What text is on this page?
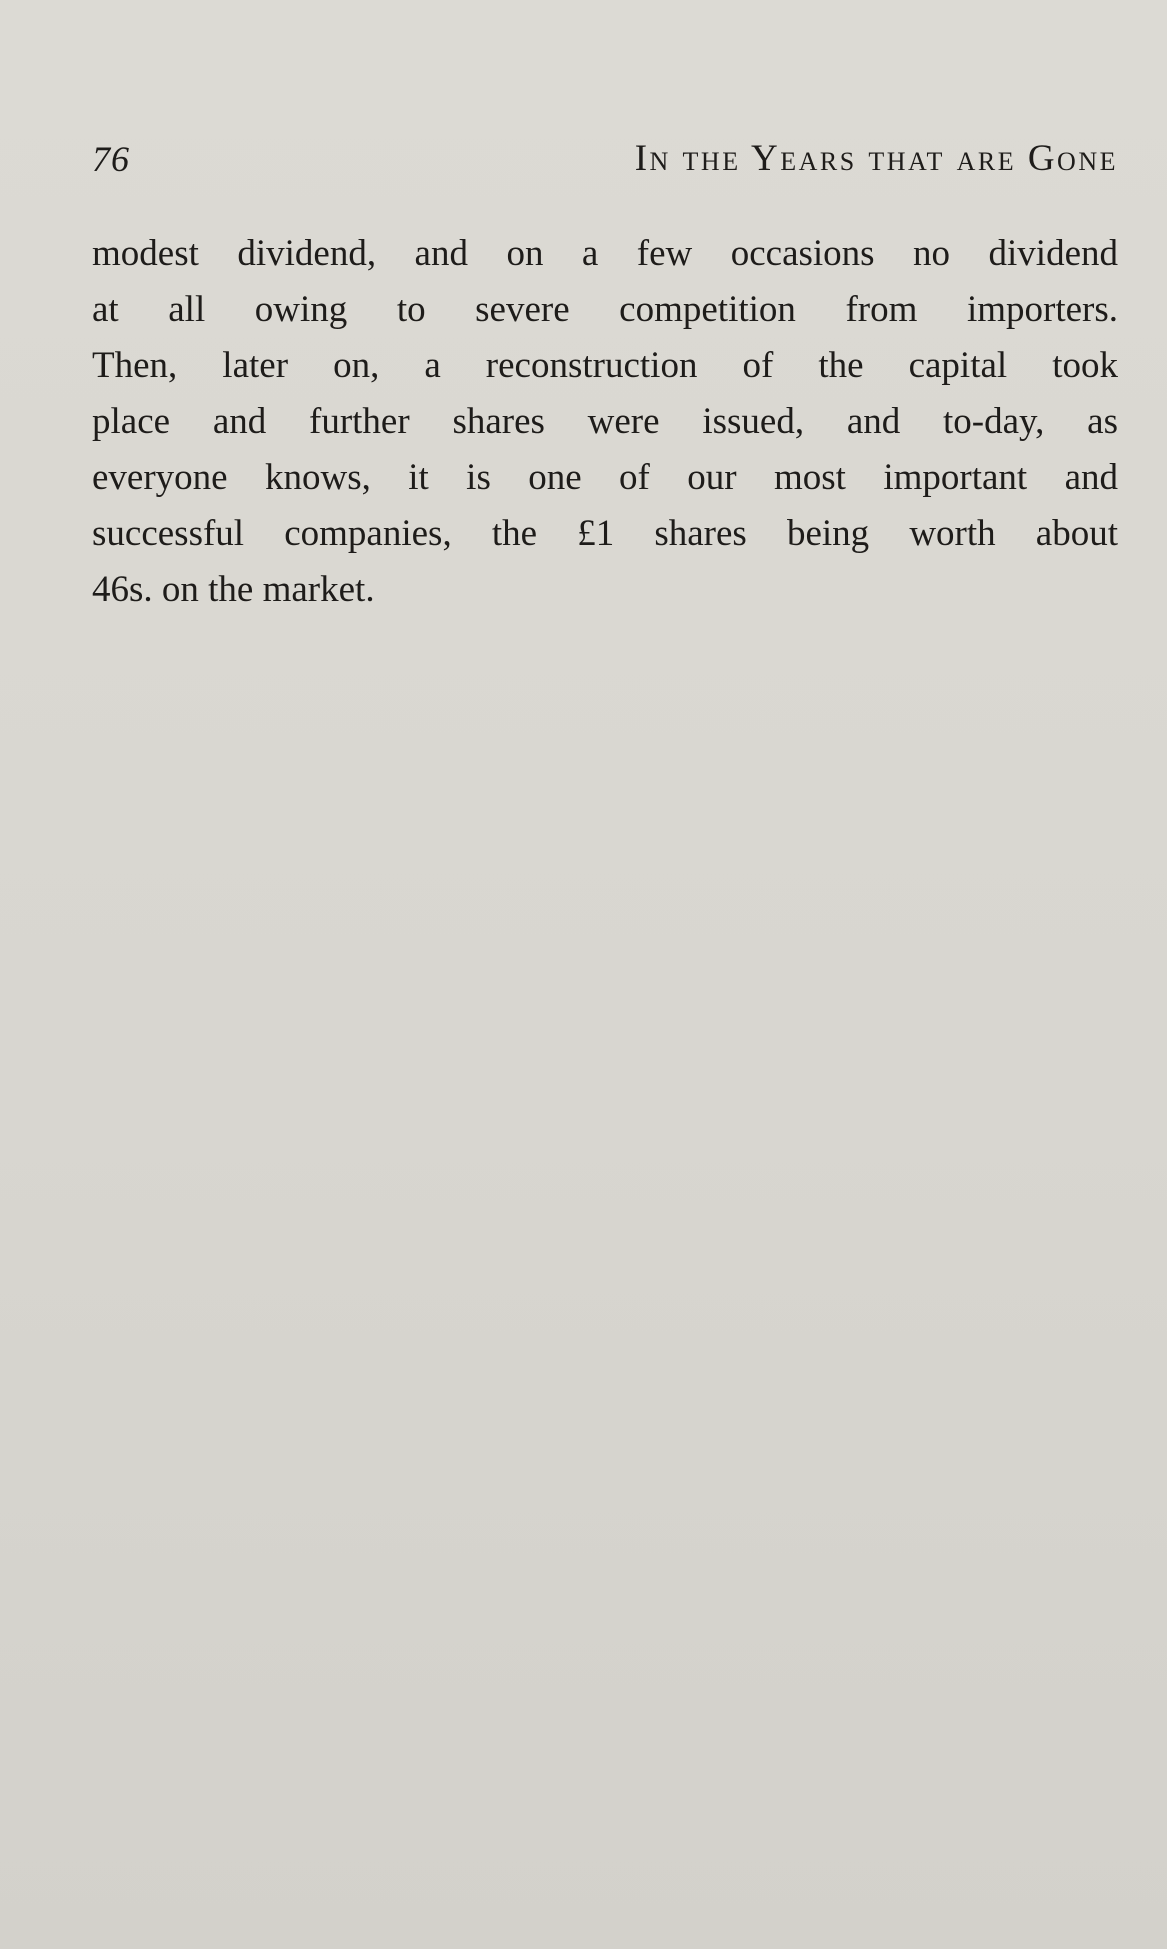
76	In the Years that are Gone
modest dividend, and on a few occasions no dividend
at all owing to severe competition from importers.
Then, later on, a reconstruction of the capital took
place and further shares were issued, and to-day, as
everyone knows, it is one of our most important and
successful companies, the £1 shares being worth about
46s. on the market.
